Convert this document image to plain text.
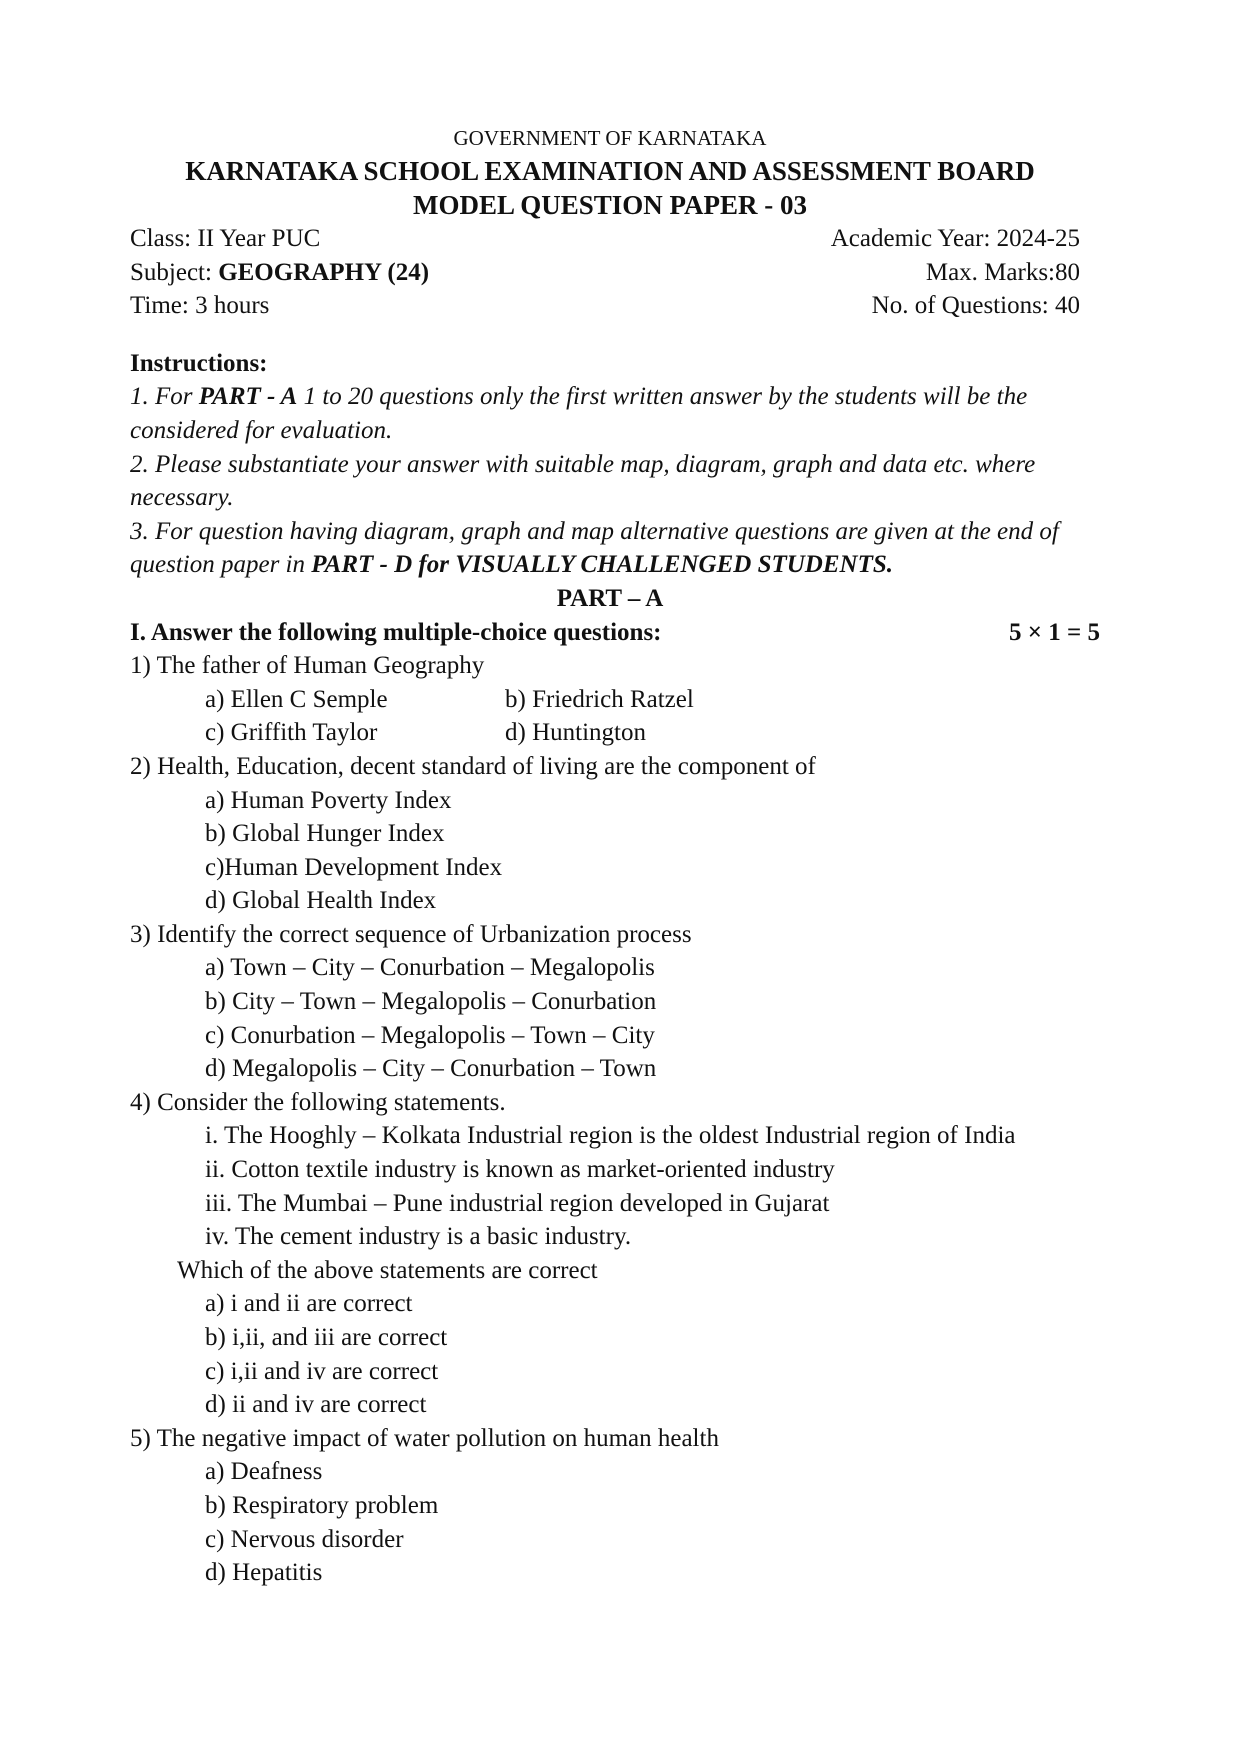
GOVERNMENT OF KARNATAKA
KARNATAKA SCHOOL EXAMINATION AND ASSESSMENT BOARD
MODEL QUESTION PAPER - 03
Class: II Year PUC	Academic Year: 2024-25
Subject: GEOGRAPHY (24)	Max. Marks:80
Time: 3 hours	No. of Questions: 40
Instructions:
1. For PART - A 1 to 20 questions only the first written answer by the students will be the considered for evaluation.
2. Please substantiate your answer with suitable map, diagram, graph and data etc. where necessary.
3. For question having diagram, graph and map alternative questions are given at the end of question paper in PART - D for VISUALLY CHALLENGED STUDENTS.
PART – A
I. Answer the following multiple-choice questions:	5 × 1 = 5
1) The father of Human Geography
a) Ellen C Semple	b) Friedrich Ratzel
c) Griffith Taylor	d) Huntington
2) Health, Education, decent standard of living are the component of
a) Human Poverty Index
b) Global Hunger Index
c)Human Development Index
d) Global Health Index
3) Identify the correct sequence of Urbanization process
a) Town – City – Conurbation – Megalopolis
b) City – Town – Megalopolis – Conurbation
c) Conurbation – Megalopolis – Town – City
d) Megalopolis – City – Conurbation – Town
4) Consider the following statements.
i. The Hooghly – Kolkata Industrial region is the oldest Industrial region of India
ii. Cotton textile industry is known as market-oriented industry
iii. The Mumbai – Pune industrial region developed in Gujarat
iv. The cement industry is a basic industry.
Which of the above statements are correct
a) i and ii are correct
b) i,ii, and iii are correct
c) i,ii and iv are correct
d) ii and iv are correct
5) The negative impact of water pollution on human health
a) Deafness
b) Respiratory problem
c) Nervous disorder
d) Hepatitis
